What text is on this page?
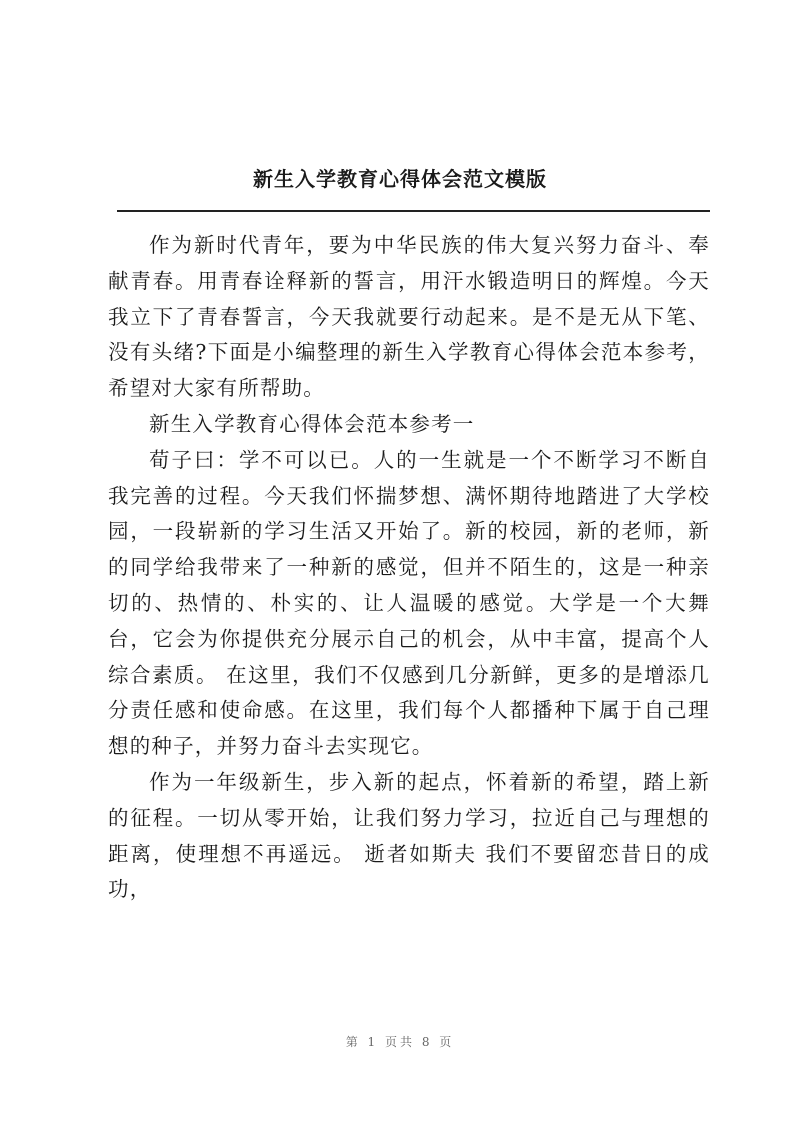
新生入学教育心得体会范文模版

作为新时代青年，要为中华民族的伟大复兴努力奋斗、奉献青春。用青春诠释新的誓言，用汗水锻造明日的辉煌。今天我立下了青春誓言，今天我就要行动起来。是不是无从下笔、没有头绪?下面是小编整理的新生入学教育心得体会范本参考，希望对大家有所帮助。

新生入学教育心得体会范本参考一

荀子曰：学不可以已。人的一生就是一个不断学习不断自我完善的过程。今天我们怀揣梦想、满怀期待地踏进了大学校园，一段崭新的学习生活又开始了。新的校园，新的老师，新的同学给我带来了一种新的感觉，但并不陌生的，这是一种亲切的、热情的、朴实的、让人温暖的感觉。大学是一个大舞台，它会为你提供充分展示自己的机会，从中丰富，提高个人综合素质。 在这里，我们不仅感到几分新鲜，更多的是增添几分责任感和使命感。在这里，我们每个人都播种下属于自己理想的种子，并努力奋斗去实现它。

作为一年级新生，步入新的起点，怀着新的希望，踏上新的征程。一切从零开始，让我们努力学习，拉近自己与理想的距离，使理想不再遥远。 逝者如斯夫 我们不要留恋昔日的成功，

第 1 页共 8 页
